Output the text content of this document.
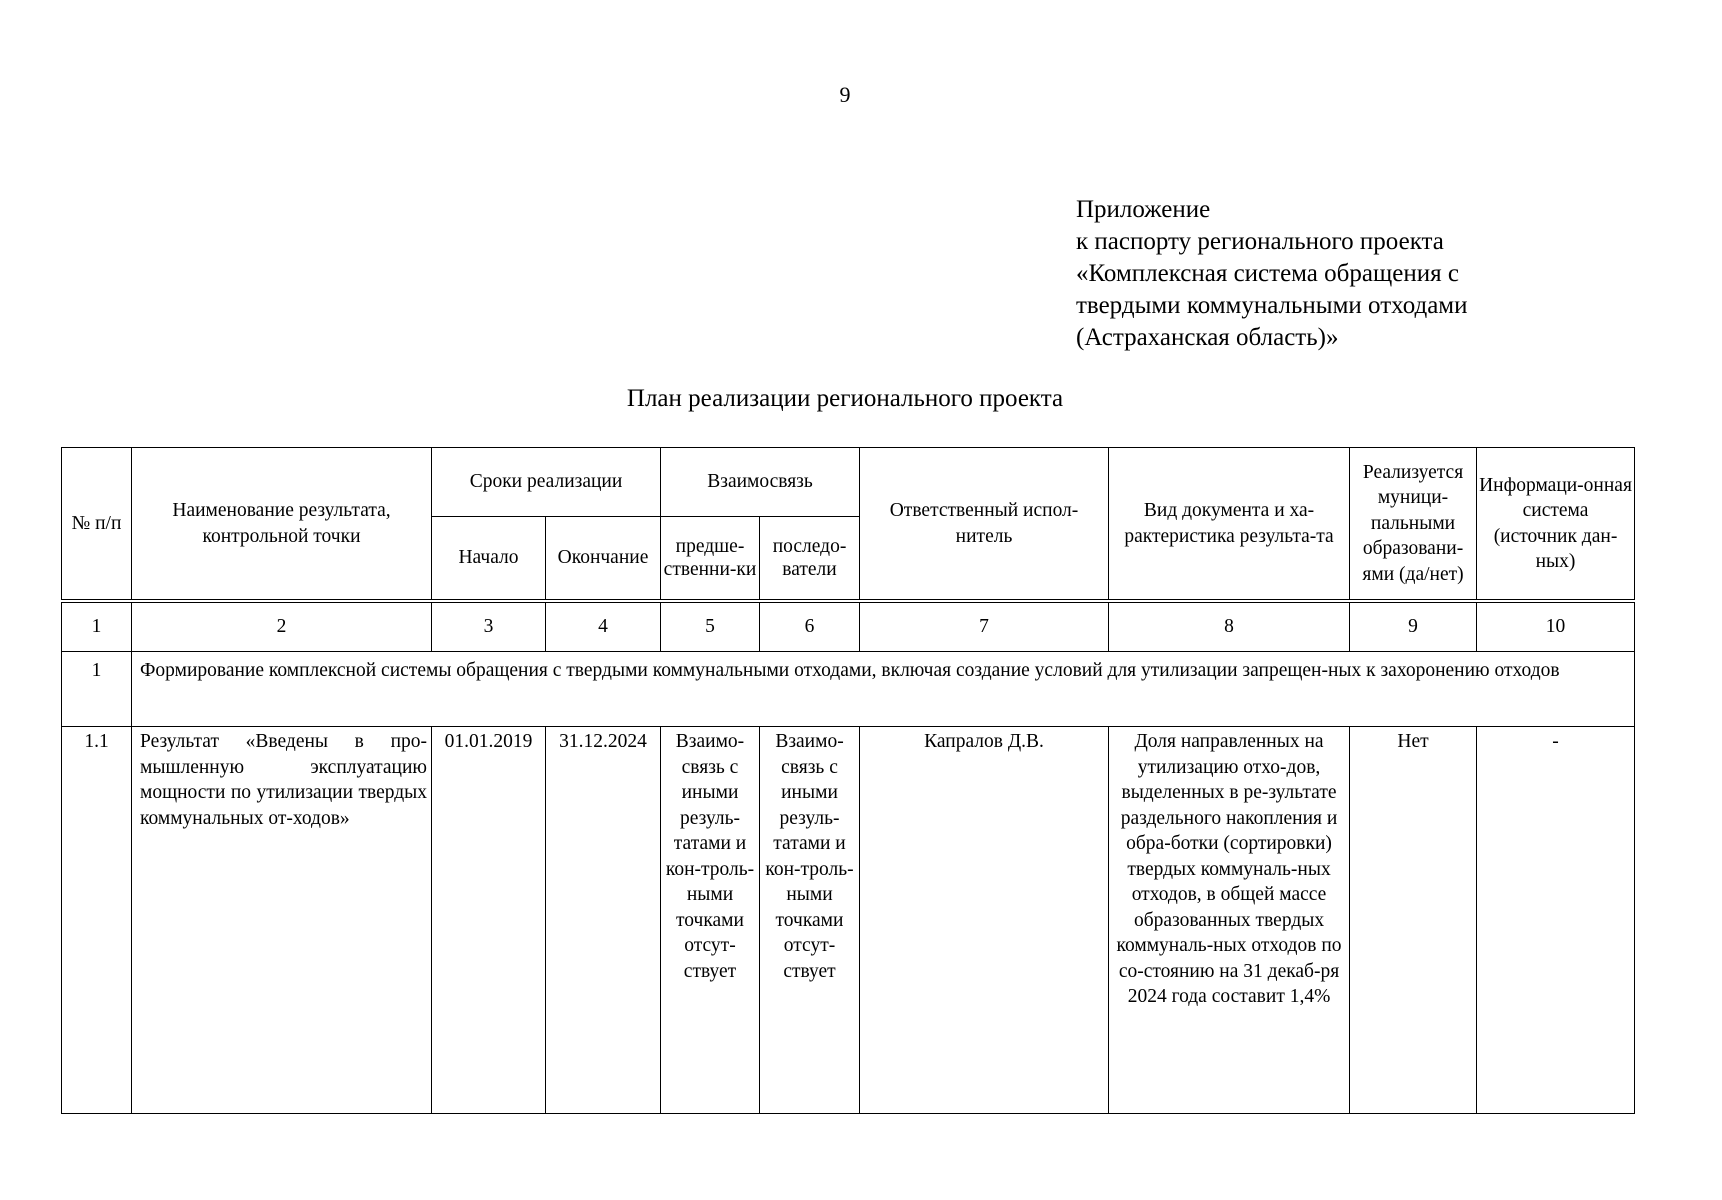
9
Приложение
к паспорту регионального проекта
«Комплексная система обращения с
твердыми коммунальными отходами
(Астраханская область)»
План реализации регионального проекта
№ п/п	Наименование результата, контрольной точки	Сроки реализации		Взаимосвязь		Ответственный испол-нитель	Вид документа и ха-рактеристика результа-та	Реализуется муници-пальными образовани-ями (да/нет)	Информаци-онная система (источник дан-ных)
		Начало	Окончание	предше-ственни-ки	последо-ватели				
1	2	3	4	5	6	7	8	9	10
1	Формирование комплексной системы обращения с твердыми коммунальными отходами, включая создание условий для утилизации запрещен-ных к захоронению отходов								
1.1	Результат «Введены в про-мышленную эксплуатацию мощности по утилизации твердых коммунальных от-ходов»	01.01.2019	31.12.2024	Взаимо-связь с иными резуль-татами и кон-троль-ными точками отсут-ствует	Взаимо-связь с иными резуль-татами и кон-троль-ными точками отсут-ствует	Капралов Д.В.	Доля направленных на утилизацию отхо-дов, выделенных в ре-зультате раздельного накопления и обра-ботки (сортировки) твердых коммуналь-ных отходов, в общей массе образованных твердых коммуналь-ных отходов по со-стоянию на 31 декаб-ря 2024 года составит 1,4%	Нет	-
